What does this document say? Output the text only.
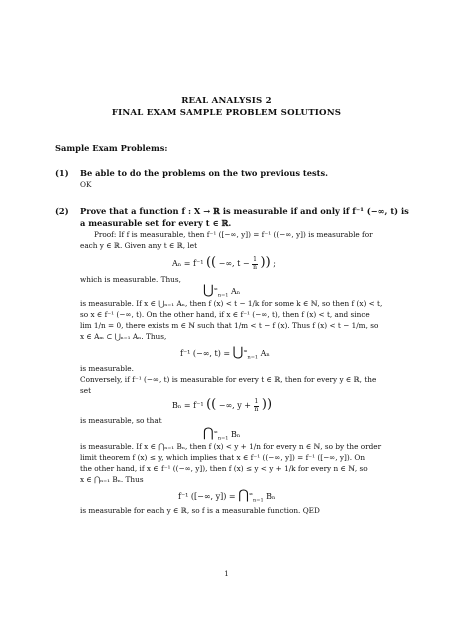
REAL ANALYSIS 2
FINAL EXAM SAMPLE PROBLEM SOLUTIONS
Sample Exam Problems:
(1) Be able to do the problems on the two previous tests.
OK
(2) Prove that a function f : X → ℝ is measurable if and only if f⁻¹ (−∞, t) is
a measurable set for every t ∈ ℝ.
Proof: If f is measurable, then f⁻¹ ([−∞, y]) = f⁻¹ ((−∞, y]) is measurable for
each y ∈ ℝ. Given any t ∈ ℝ, let
Aₙ = f⁻¹ (( −∞, $t - \frac{1}{n}$ )) ;
which is measurable. Thus,
$⋃^\infty_{n=1}$ Aₙ
is measurable. If x ∈ ⋃ₙ₌₁ Aₙ, then f (x) < t − 1/k for some k ∈ ℕ, so then f (x) < t,
so x ∈ f⁻¹ (−∞, t). On the other hand, if x ∈ f⁻¹ (−∞, t), then f (x) < t, and since
lim 1/n = 0, there exists m ∈ ℕ such that 1/m < t − f (x). Thus f (x) < t − 1/m, so
x ∈ Aₘ ⊂ ⋃ₙ₌₁ Aₙ. Thus,
f⁻¹ (−∞, $t) = ⋃^\infty_{n=1}$ Aₙ
is measurable.
Conversely, if f⁻¹ (−∞, t) is measurable for every t ∈ ℝ, then for every y ∈ ℝ, the
set
Bₙ = f⁻¹ (( −∞, $y + \frac{1}{n}$ ))
is measurable, so that
$⋂^\infty_{n=1}$ Bₙ
is measurable. If x ∈ ⋂ₙ₌₁ Bₙ, then f (x) < y + 1/n for every n ∈ ℕ, so by the order
limit theorem f (x) ≤ y, which implies that x ∈ f⁻¹ ((−∞, y]) = f⁻¹ ([−∞, y]). On
the other hand, if x ∈ f⁻¹ ((−∞, y]), then f (x) ≤ y < y + 1/k for every n ∈ ℕ, so
x ∈ ⋂ₙ₌₁ Bₙ. Thus
f⁻¹ ([−∞, $y]) = ⋂^\infty_{n=1}$ Bₙ
is measurable for each y ∈ ℝ, so f is a measurable function. QED
1
